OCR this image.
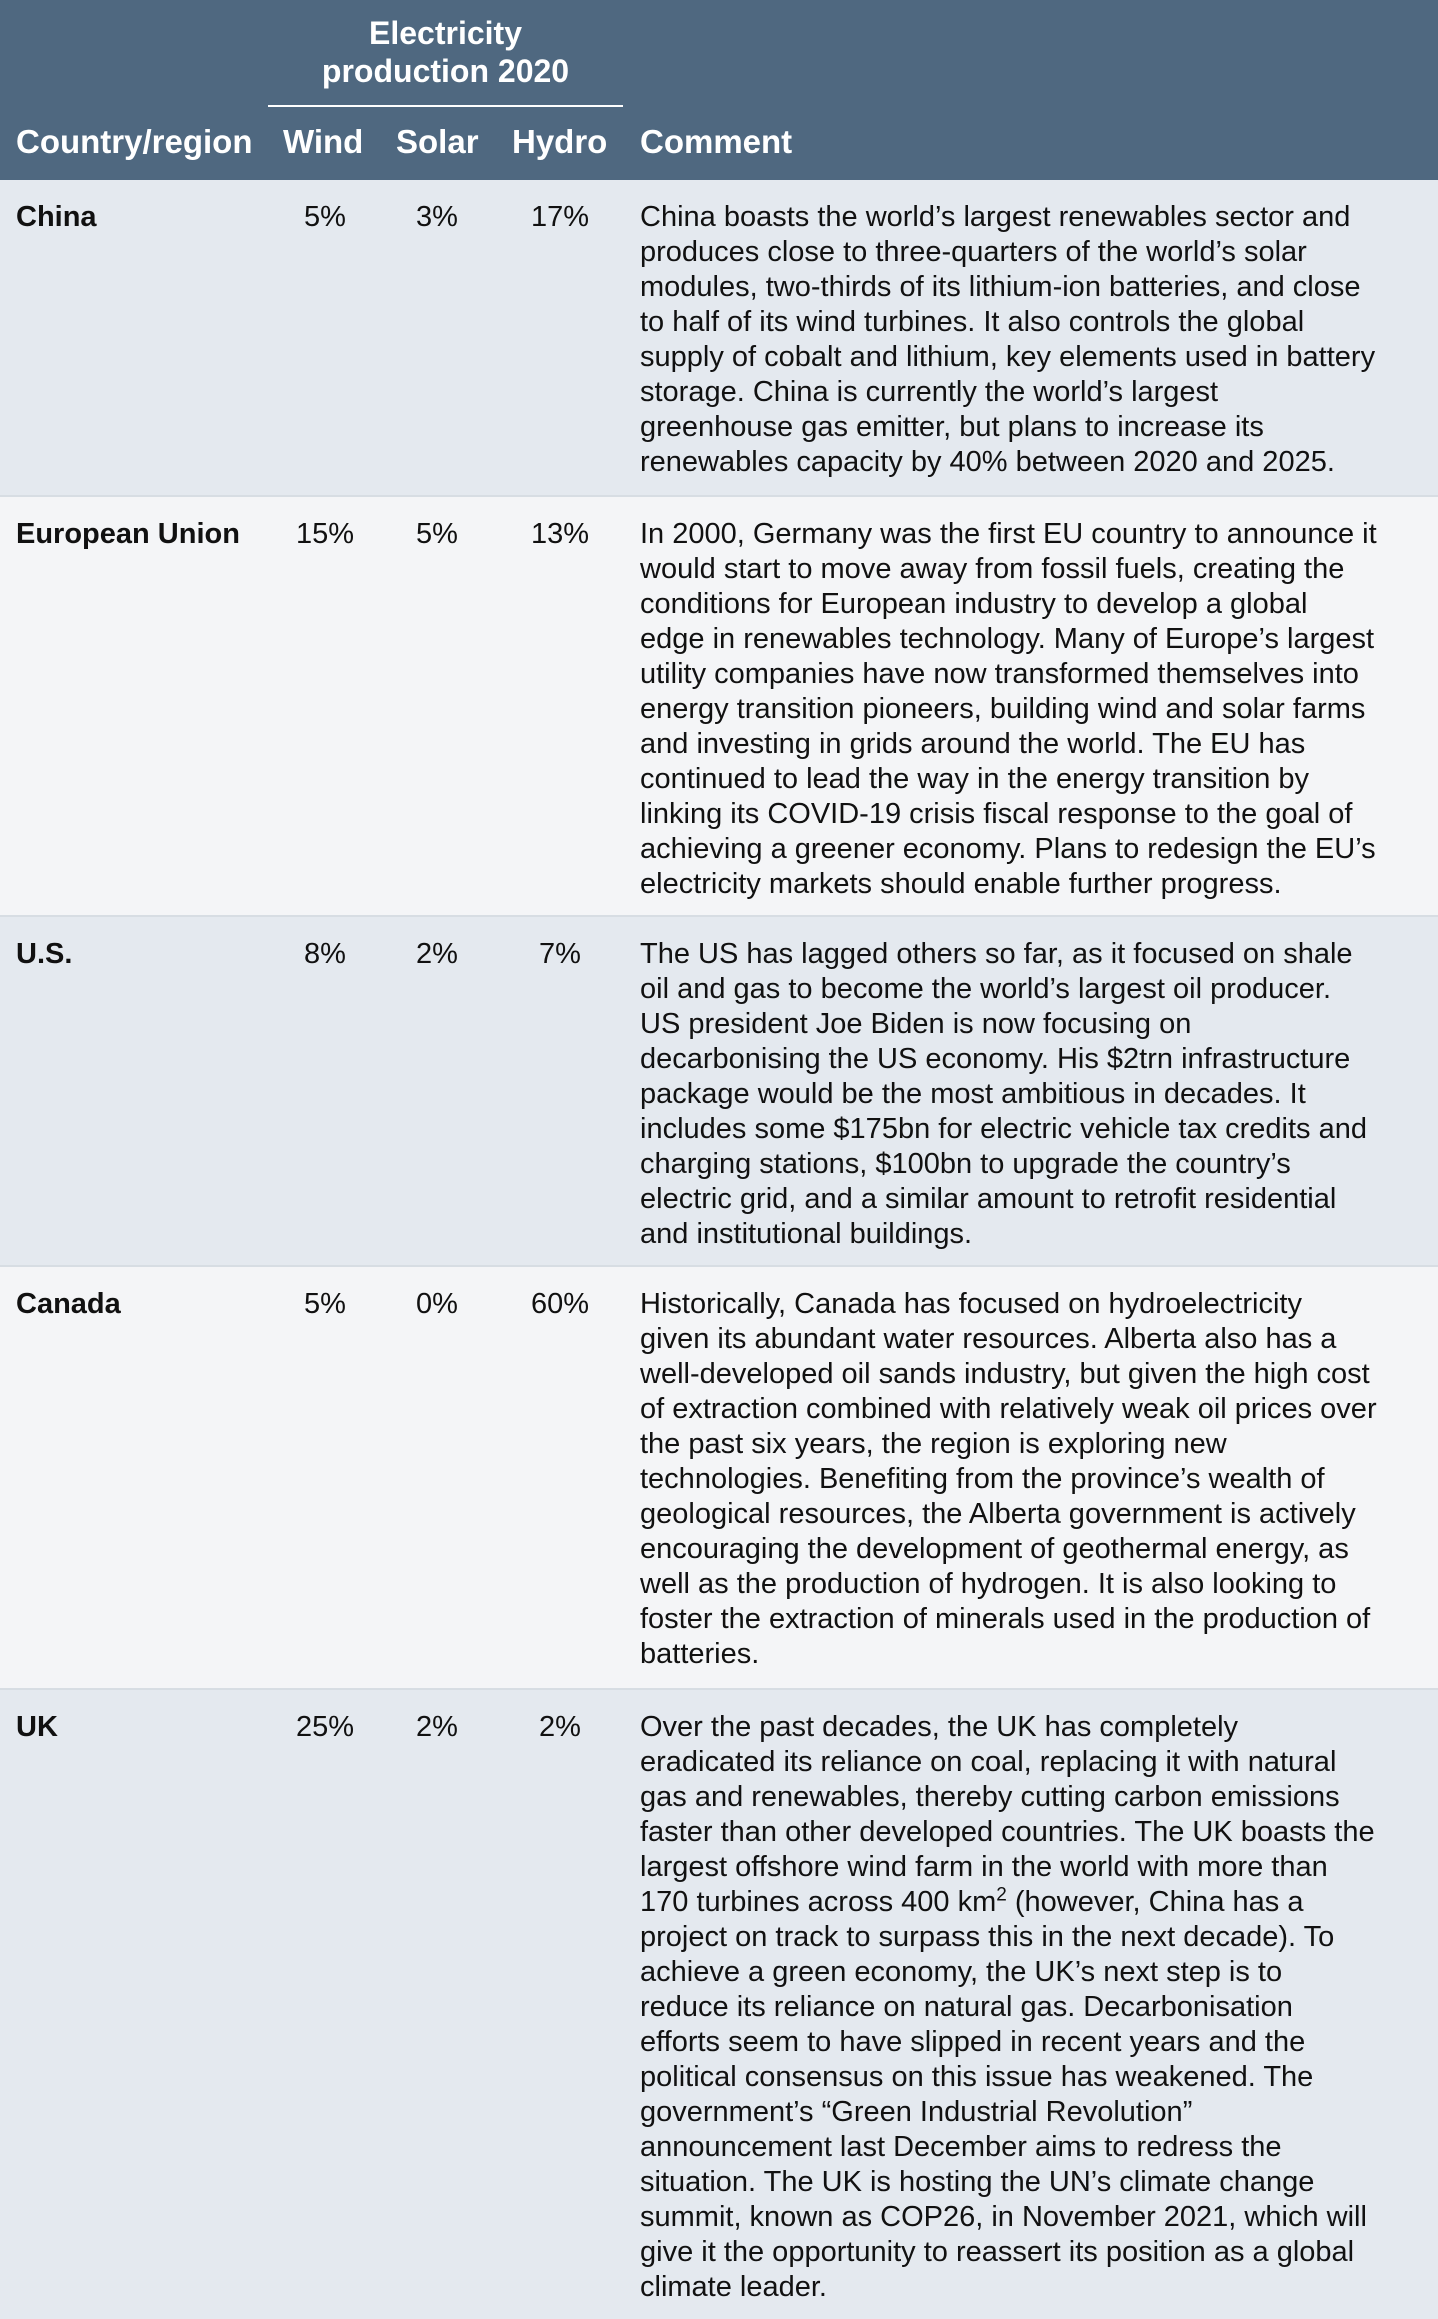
Electricity
production 2020
Country/region Wind Solar Hydro Comment
China	5%	3%	17%	China boasts the world’s largest renewables sector and

produces close to three-quarters of the world’s solar

modules, two-thirds of its lithium-ion batteries, and close

to half of its wind turbines. It also controls the global

supply of cobalt and lithium, key elements used in battery

storage. China is currently the world’s largest

greenhouse gas emitter, but plans to increase its

renewables capacity by 40% between 2020 and 2025.

European Union	15%	5%	13%	In 2000, Germany was the first EU country to announce it

would start to move away from fossil fuels, creating the

conditions for European industry to develop a global

edge in renewables technology. Many of Europe’s largest

utility companies have now transformed themselves into

energy transition pioneers, building wind and solar farms

and investing in grids around the world. The EU has

continued to lead the way in the energy transition by

linking its COVID-19 crisis fiscal response to the goal of

achieving a greener economy. Plans to redesign the EU’s

electricity markets should enable further progress.

U.S.	8%	2%	7%	The US has lagged others so far, as it focused on shale

oil and gas to become the world’s largest oil producer.

US president Joe Biden is now focusing on

decarbonising the US economy. His $2trn infrastructure

package would be the most ambitious in decades. It

includes some $175bn for electric vehicle tax credits and

charging stations, $100bn to upgrade the country’s

electric grid, and a similar amount to retrofit residential

and institutional buildings.

Canada	5%	0%	60%	Historically, Canada has focused on hydroelectricity

given its abundant water resources. Alberta also has a

well-developed oil sands industry, but given the high cost

of extraction combined with relatively weak oil prices over

the past six years, the region is exploring new

technologies. Benefiting from the province’s wealth of

geological resources, the Alberta government is actively

encouraging the development of geothermal energy, as

well as the production of hydrogen. It is also looking to

foster the extraction of minerals used in the production of

batteries.

UK	25%	2%	2%	Over the past decades, the UK has completely

eradicated its reliance on coal, replacing it with natural

gas and renewables, thereby cutting carbon emissions

faster than other developed countries. The UK boasts the

largest offshore wind farm in the world with more than

170 turbines across 400 $km^2$ (however, China has a

project on track to surpass this in the next decade). To

achieve a green economy, the UK’s next step is to

reduce its reliance on natural gas. Decarbonisation

efforts seem to have slipped in recent years and the

political consensus on this issue has weakened. The

government’s “Green Industrial Revolution”

announcement last December aims to redress the

situation. The UK is hosting the UN’s climate change

summit, known as COP26, in November 2021, which will

give it the opportunity to reassert its position as a global

climate leader.
